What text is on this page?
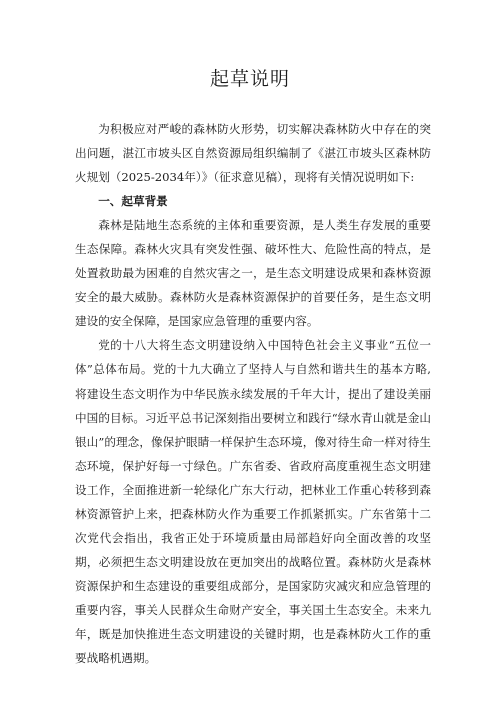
起草说明

为积极应对严峻的森林防火形势，切实解决森林防火中存在的突出问题，湛江市坡头区自然资源局组织编制了《湛江市坡头区森林防火规划（2025-2034年）》（征求意见稿），现将有关情况说明如下:

一、起草背景

森林是陆地生态系统的主体和重要资源，是人类生存发展的重要生态保障。森林火灾具有突发性强、破坏性大、危险性高的特点，是处置救助最为困难的自然灾害之一，是生态文明建设成果和森林资源安全的最大威胁。森林防火是森林资源保护的首要任务，是生态文明建设的安全保障，是国家应急管理的重要内容。

党的十八大将生态文明建设纳入中国特色社会主义事业“五位一体”总体布局。党的十九大确立了坚持人与自然和谐共生的基本方略,将建设生态文明作为中华民族永续发展的千年大计，提出了建设美丽中国的目标。习近平总书记深刻指出要树立和践行“绿水青山就是金山银山”的理念，像保护眼睛一样保护生态环境，像对待生命一样对待生态环境，保护好每一寸绿色。广东省委、省政府高度重视生态文明建设工作，全面推进新一轮绿化广东大行动，把林业工作重心转移到森林资源管护上来，把森林防火作为重要工作抓紧抓实。广东省第十二次党代会指出，我省正处于环境质量由局部趋好向全面改善的攻坚期，必须把生态文明建设放在更加突出的战略位置。森林防火是森林资源保护和生态建设的重要组成部分，是国家防灾减灾和应急管理的重要内容，事关人民群众生命财产安全，事关国土生态安全。未来九年，既是加快推进生态文明建设的关键时期，也是森林防火工作的重要战略机遇期。
